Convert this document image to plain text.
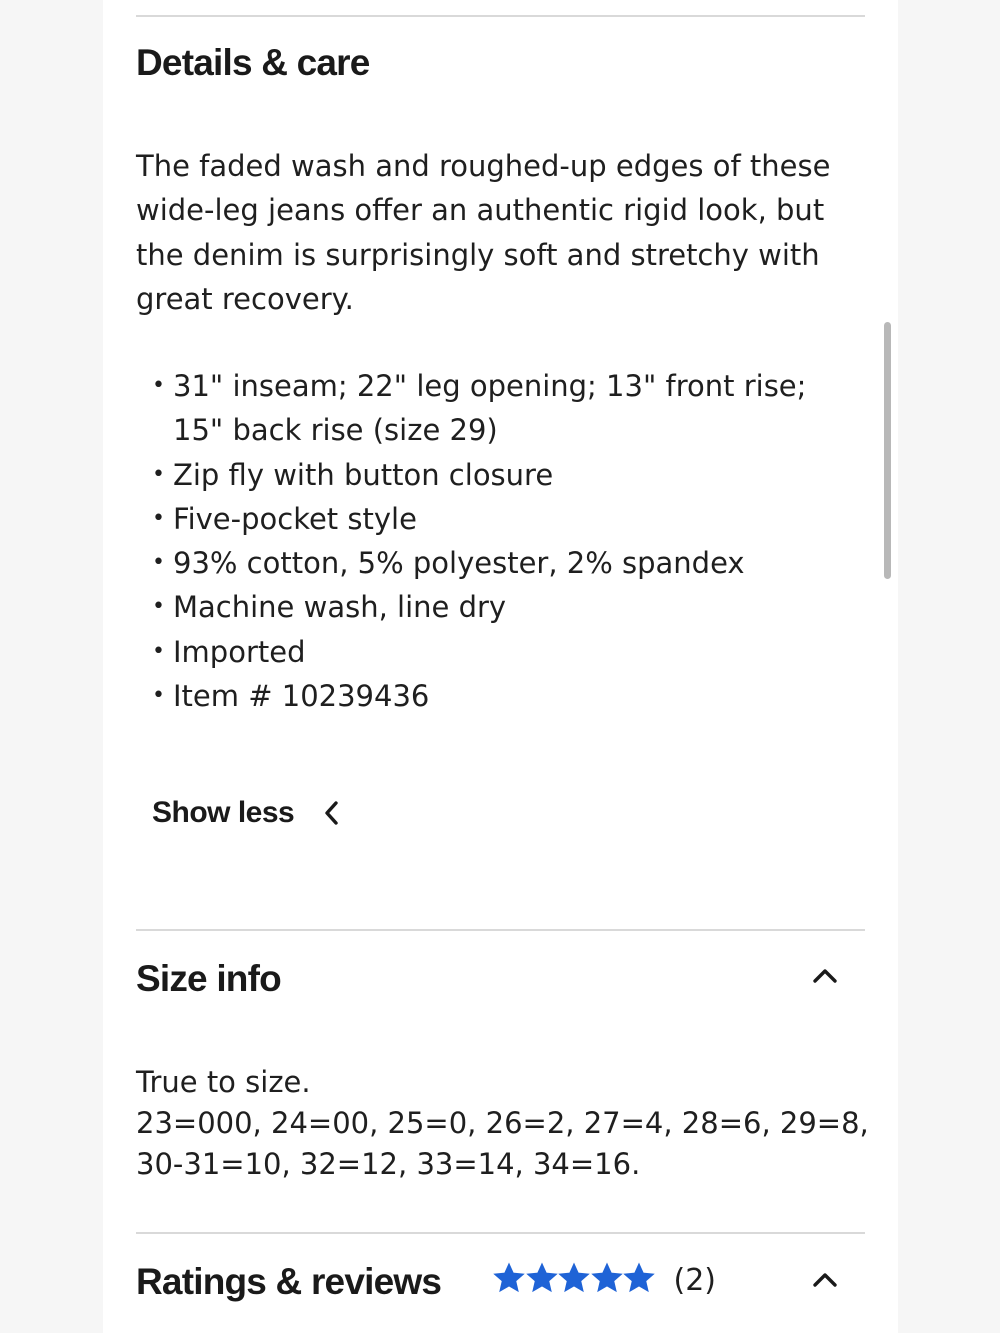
Details & care

The faded wash and roughed-up edges of these wide-leg jeans offer an authentic rigid look, but the denim is surprisingly soft and stretchy with great recovery.

• 31" inseam; 22" leg opening; 13" front rise; 15" back rise (size 29)
• Zip fly with button closure
• Five-pocket style
• 93% cotton, 5% polyester, 2% spandex
• Machine wash, line dry
• Imported
• Item # 10239436
Show less
Size info
True to size.
23=000, 24=00, 25=0, 26=2, 27=4, 28=6, 29=8,
30-31=10, 32=12, 33=14, 34=16.
Ratings & reviews	(2)
